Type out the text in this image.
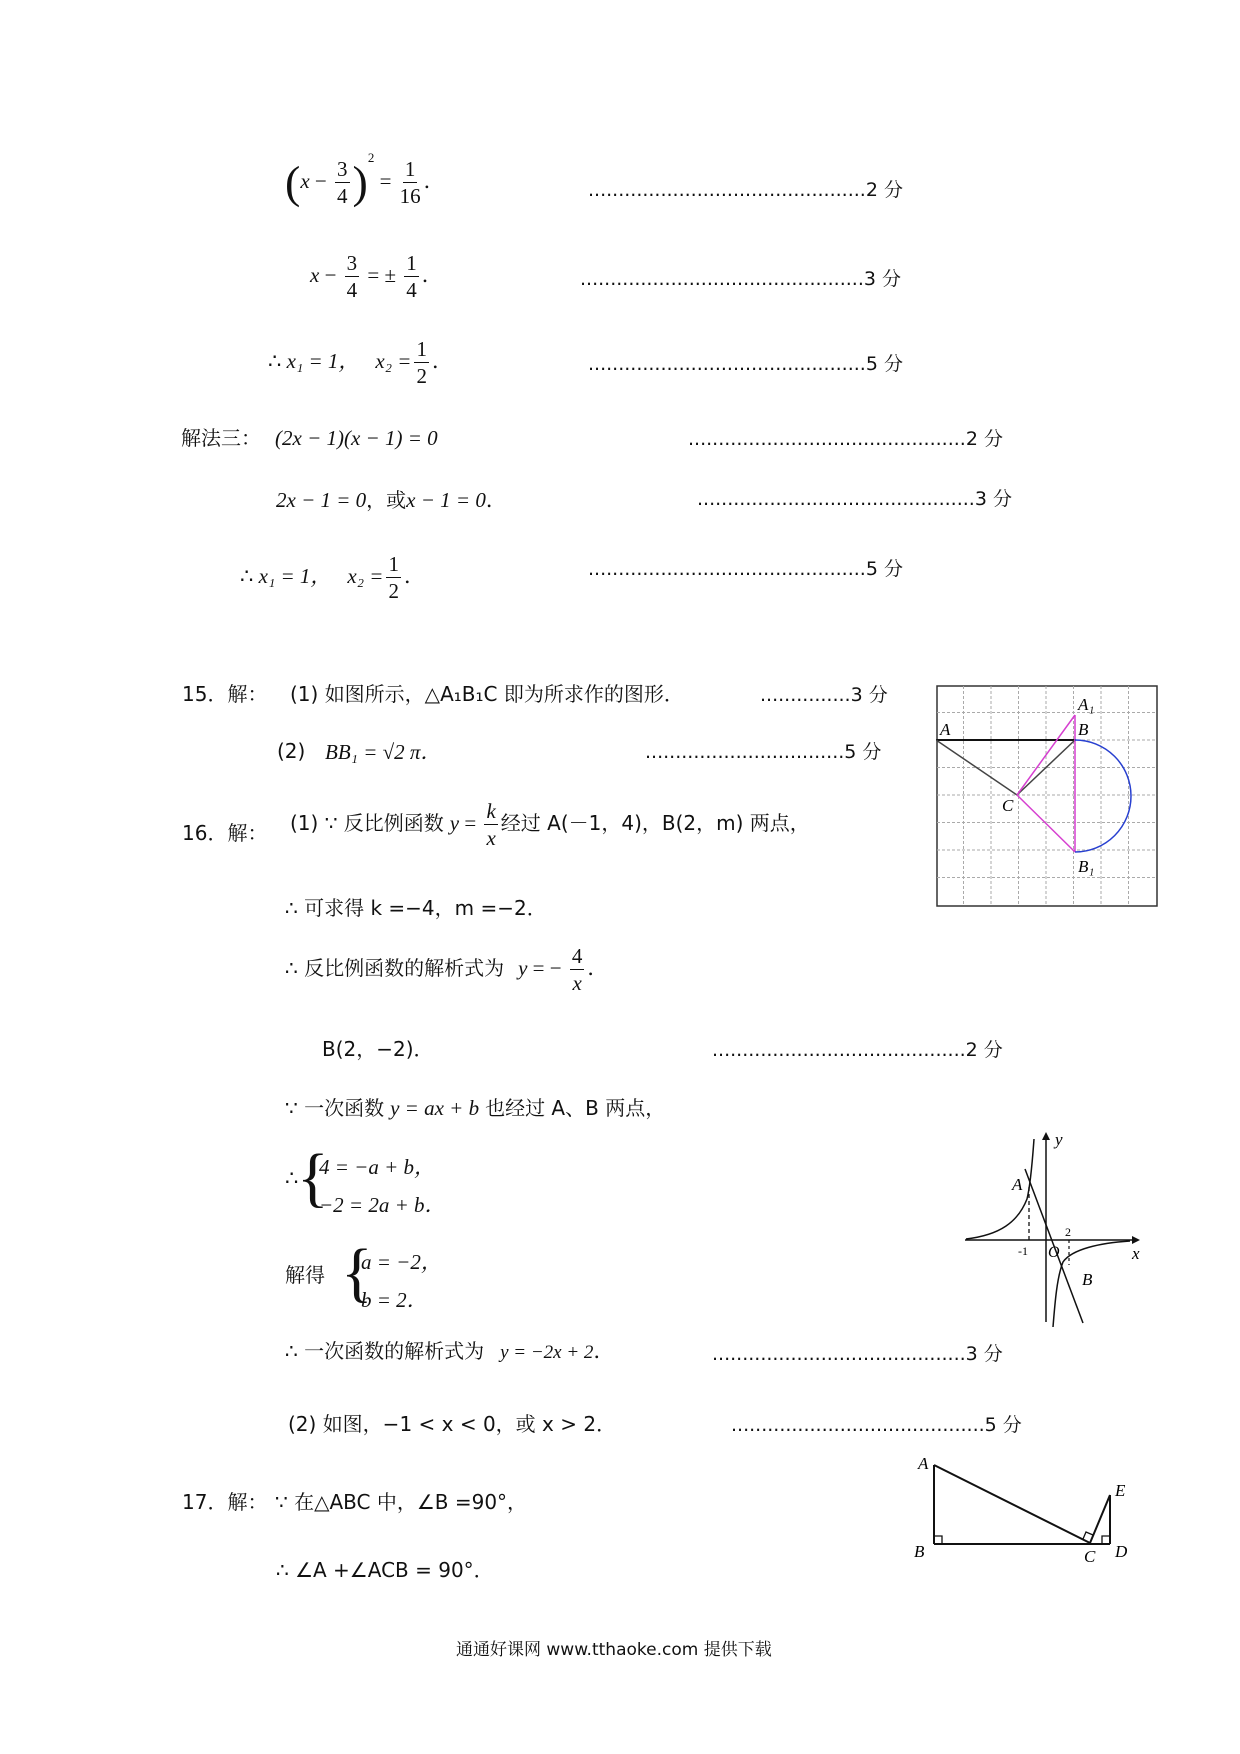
$(x - \frac{3}{4} )^2 = \frac{1}{16}$ ．	..............................................2 分
$x - \frac{3}{4}$ = ± $\frac{1}{4}$ ．	...............................................3 分
∴ x₁ = 1， $x_2 = \frac{1}{2}$ ．	..............................................5 分
解法三： (2x − 1)(x − 1) = 0	..............................................2 分
2x − 1 = 0，或x − 1 = 0．	..............................................3 分
∴ x₁ = 1， $x_2 = \frac{1}{2}$ ．	..............................................5 分
15．解： (1) 如图所示，△A₁B₁C 即为所求作的图形．	...............3 分
(2) BB₁ = √2 π．	.................................5 分
A
A₁
B
C
B₁
16．解： (1) ∵ 反比例函数 $y = \frac{k}{x}$ 经过 A(－1，4)，B(2，m) 两点，
∴ 可求得 k =−4，m =−2．
∴ 反比例函数的解析式为 y = − $\frac{4}{x}$ ．
B(2，−2)．	..........................................2 分
∵ 一次函数 y = ax + b 也经过 A、B 两点，
∴
{
4 = −a + b，
−2 = 2a + b．
解得 {
a = −2，
b = 2．
∴ 一次函数的解析式为 y = −2x + 2．	..........................................3 分
(2) 如图，−1 < x < 0，或 x > 2．	..........................................5 分
y
A
-1 O
2
x
B
17．解： ∵ 在△ABC 中，∠B =90°，
∴ ∠A +∠ACB = 90°．
A
E
B	C D
通通好课网 www.tthaoke.com 提供下载
